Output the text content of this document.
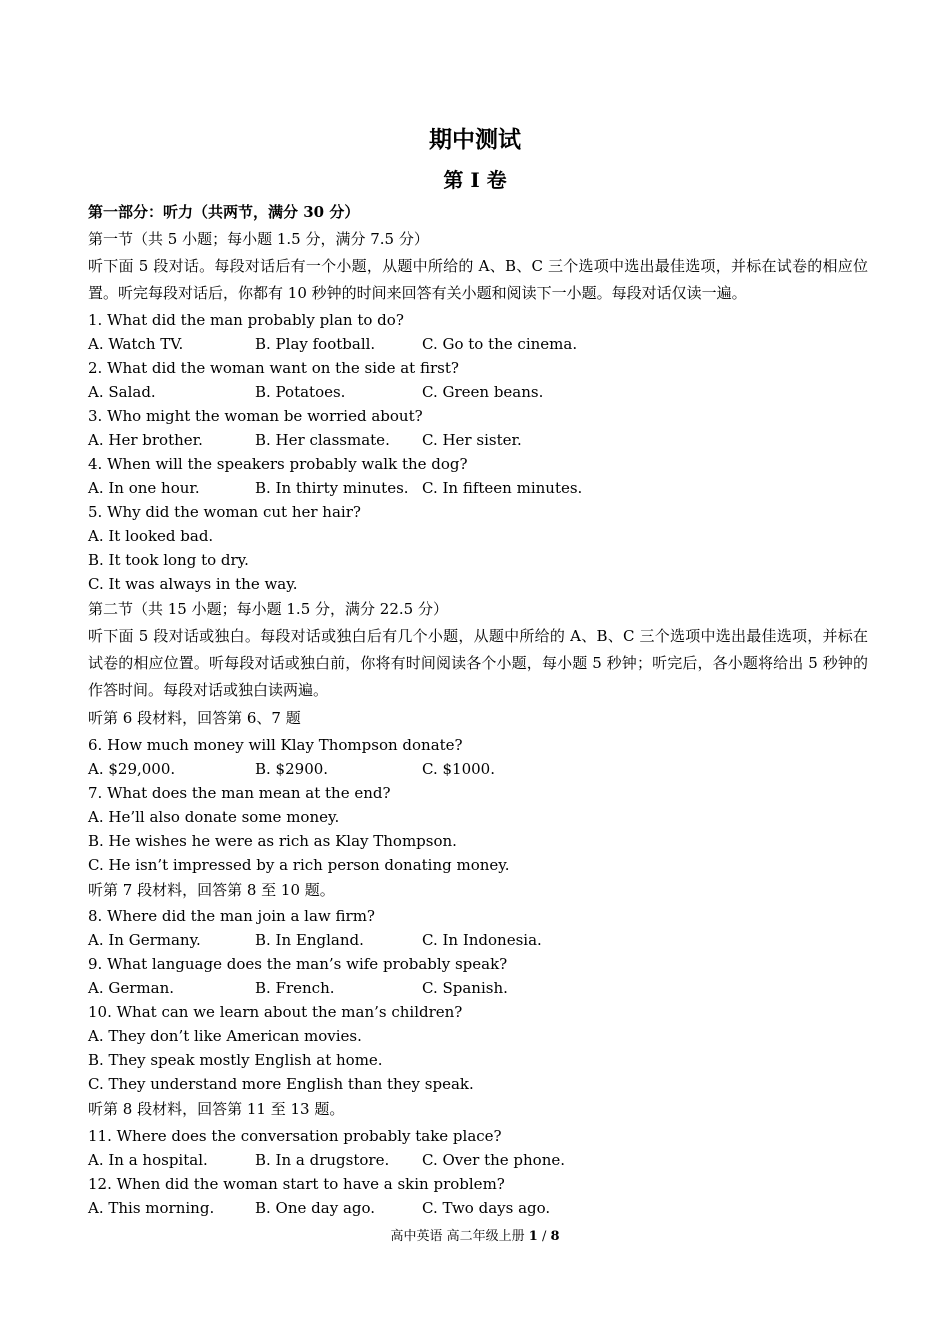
期中测试
第 I 卷
第一部分：听力（共两节，满分 30 分）
第一节（共 5 小题；每小题 1.5 分，满分 7.5 分）
听下面 5 段对话。每段对话后有一个小题，从题中所给的 A、B、C 三个选项中选出最佳选项，并标在试卷的相应位置。听完每段对话后，你都有 10 秒钟的时间来回答有关小题和阅读下一小题。每段对话仅读一遍。
1. What did the man probably plan to do?
A. Watch TV.	B. Play football.	C. Go to the cinema.
2. What did the woman want on the side at first?
A. Salad.	B. Potatoes.	C. Green beans.
3. Who might the woman be worried about?
A. Her brother.	B. Her classmate. C. Her sister.
4. When will the speakers probably walk the dog?
A. In one hour.	B. In thirty minutes. C. In fifteen minutes.
5. Why did the woman cut her hair?
A. It looked bad.
B. It took long to dry.
C. It was always in the way.
第二节（共 15 小题；每小题 1.5 分，满分 22.5 分）
听下面 5 段对话或独白。每段对话或独白后有几个小题，从题中所给的 A、B、C 三个选项中选出最佳选项，并标在试卷的相应位置。听每段对话或独白前，你将有时间阅读各个小题，每小题 5 秒钟；听完后，各小题将给出 5 秒钟的作答时间。每段对话或独白读两遍。
听第 6 段材料，回答第 6、7 题
6. How much money will Klay Thompson donate?
A. $29,000.	B. $2900.	C. $1000.
7. What does the man mean at the end?
A. He’ll also donate some money.
B. He wishes he were as rich as Klay Thompson.
C. He isn’t impressed by a rich person donating money.
听第 7 段材料，回答第 8 至 10 题。
8. Where did the man join a law firm?
A. In Germany.	B. In England.	C. In Indonesia.
9. What language does the man’s wife probably speak?
A. German.	B. French.	C. Spanish.
10. What can we learn about the man’s children?
A. They don’t like American movies.
B. They speak mostly English at home.
C. They understand more English than they speak.
听第 8 段材料，回答第 11 至 13 题。
11. Where does the conversation probably take place?
A. In a hospital.	B. In a drugstore. C. Over the phone.
12. When did the woman start to have a skin problem?
A. This morning.	B. One day ago.	C. Two days ago.
高中英语 高二年级上册 1 / 8
